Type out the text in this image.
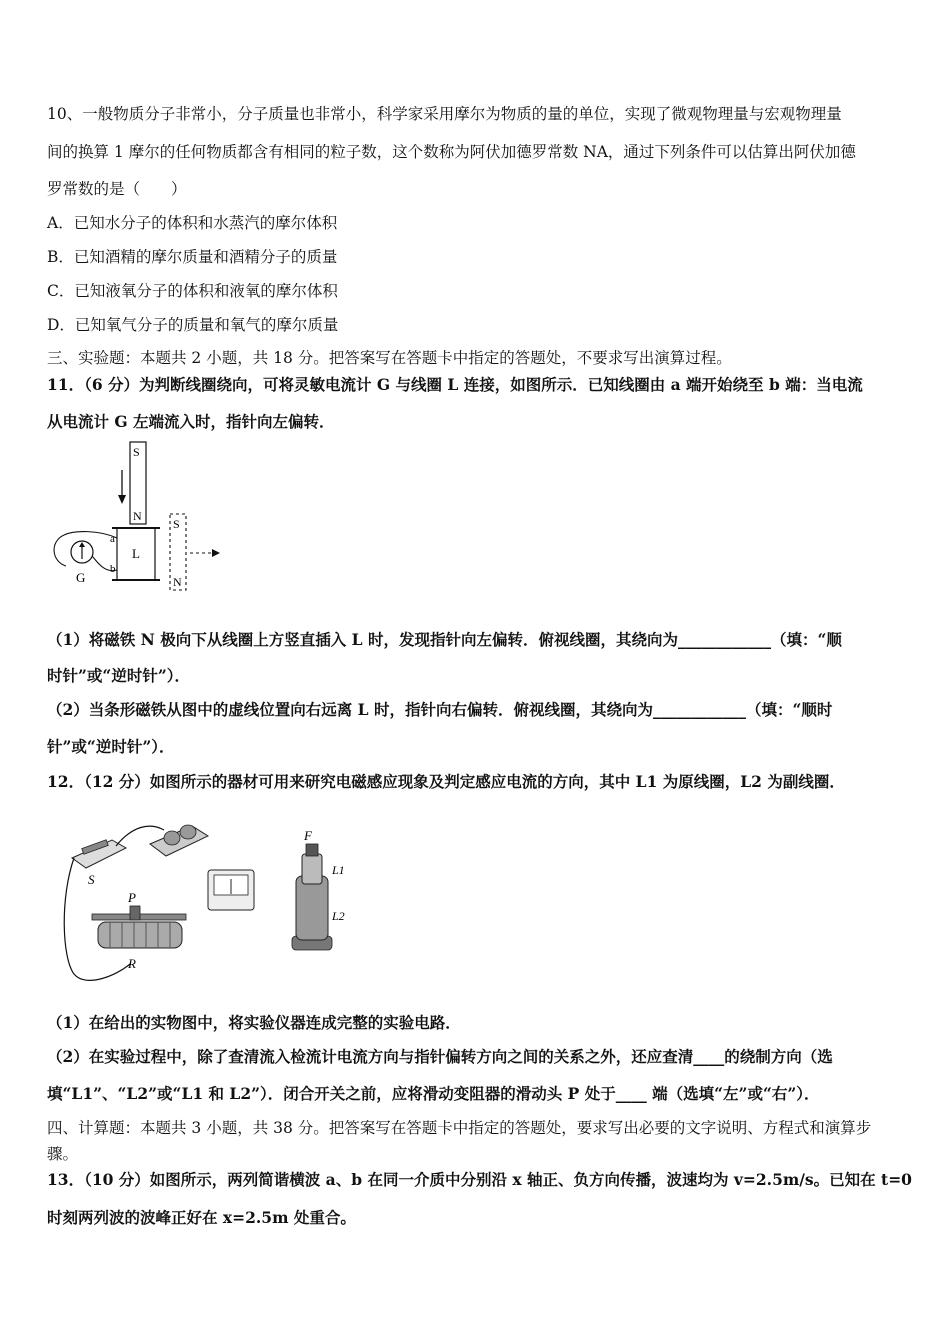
10、一般物质分子非常小，分子质量也非常小，科学家采用摩尔为物质的量的单位，实现了微观物理量与宏观物理量
间的换算 1 摩尔的任何物质都含有相同的粒子数，这个数称为阿伏加德罗常数 NA，通过下列条件可以估算出阿伏加德
罗常数的是（　　）
A．已知水分子的体积和水蒸汽的摩尔体积
B．已知酒精的摩尔质量和酒精分子的质量
C．已知液氧分子的体积和液氧的摩尔体积
D．已知氧气分子的质量和氧气的摩尔质量
三、实验题：本题共 2 小题，共 18 分。把答案写在答题卡中指定的答题处，不要求写出演算过程。
11．（6 分）为判断线圈绕向，可将灵敏电流计 G 与线圈 L 连接，如图所示．已知线圈由 a 端开始绕至 b 端：当电流
从电流计 G 左端流入时，指针向左偏转．
S
N
L
a
b
G
S
N
（1）将磁铁 N 极向下从线圈上方竖直插入 L 时，发现指针向左偏转．俯视线圈，其绕向为____________（填：“顺
时针”或“逆时针”）．
（2）当条形磁铁从图中的虚线位置向右远离 L 时，指针向右偏转．俯视线圈，其绕向为____________（填：“顺时
针”或“逆时针”）．
12．（12 分）如图所示的器材可用来研究电磁感应现象及判定感应电流的方向，其中 L1 为原线圈，L2 为副线圈．
S
P
R
F
L1
L2
（1）在给出的实物图中，将实验仪器连成完整的实验电路．
（2）在实验过程中，除了查清流入检流计电流方向与指针偏转方向之间的关系之外，还应查清____的绕制方向（选
填“L1”、“L2”或“L1 和 L2”）．闭合开关之前，应将滑动变阻器的滑动头 P 处于____ 端（选填“左”或“右”）．
四、计算题：本题共 3 小题，共 38 分。把答案写在答题卡中指定的答题处，要求写出必要的文字说明、方程式和演算步
骤。
13．（10 分）如图所示，两列简谐横波 a、b 在同一介质中分别沿 x 轴正、负方向传播，波速均为 v=2.5m/s。已知在 t=0
时刻两列波的波峰正好在 x=2.5m 处重合。
